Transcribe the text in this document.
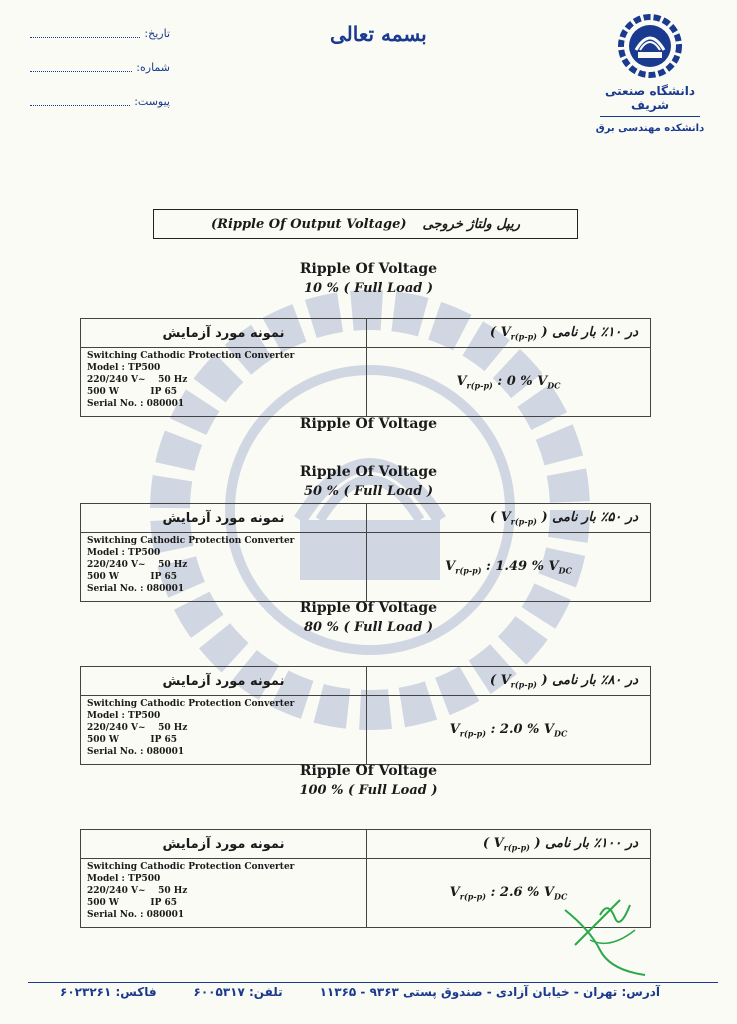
تاریخ:
شماره:
پیوست:
بسمه تعالی
دانشگاه صنعتی شریف
دانشکده مهندسی برق
ریپل ولتاژ خروجی
(Ripple Of Output Voltage)
Ripple Of Voltage
10 % ( Full Load )
نمونه مورد آزمایش	در ۱۰٪ بار نامی ( $V_{r(p-p)}$ )

Switching Cathodic Protection Converter
Model : TP500
220/240 V~ 50 Hz
500 W IP 65
Serial No. : 080001	$V_{r(p-p)}$ : 0 % $V_{DC}$
Ripple Of Voltage
Ripple Of Voltage
50 % ( Full Load )
نمونه مورد آزمایش	در ۵۰٪ بار نامی ( $V_{r(p-p)}$ )

Switching Cathodic Protection Converter
Model : TP500
220/240 V~ 50 Hz
500 W IP 65
Serial No. : 080001	$V_{r(p-p)}$ : 1.49 % $V_{DC}$
Ripple Of Voltage
80 % ( Full Load )
نمونه مورد آزمایش	در ۸۰٪ بار نامی ( $V_{r(p-p)}$ )

Switching Cathodic Protection Converter
Model : TP500
220/240 V~ 50 Hz
500 W IP 65
Serial No. : 080001	$V_{r(p-p)}$ : 2.0 % $V_{DC}$
Ripple Of Voltage
100 % ( Full Load )
نمونه مورد آزمایش	در ۱۰۰٪ بار نامی ( $V_{r(p-p)}$ )

Switching Cathodic Protection Converter
Model : TP500
220/240 V~ 50 Hz
500 W IP 65
Serial No. : 080001	$V_{r(p-p)}$ : 2.6 % $V_{DC}$
آدرس: تهران - خیابان آزادی - صندوق پستی ۹۳۶۳ - ۱۱۳۶۵
تلفن: ۶۰۰۵۳۱۷
فاکس: ۶۰۲۳۲۶۱
